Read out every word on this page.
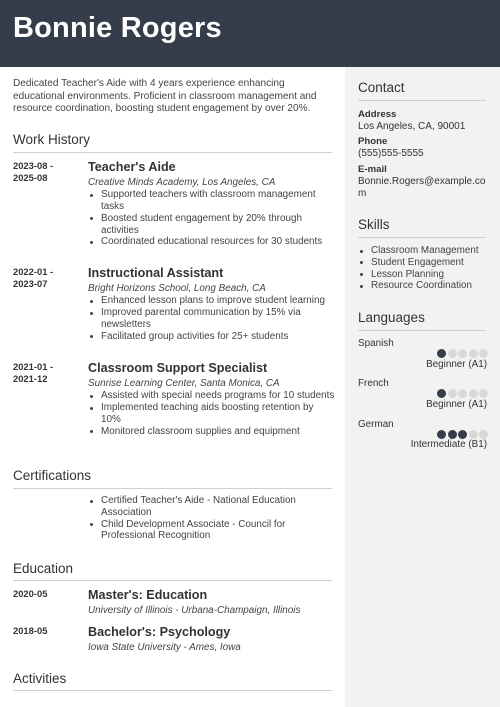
Bonnie Rogers
Dedicated Teacher's Aide with 4 years experience enhancing educational environments. Proficient in classroom management and resource coordination, boosting student engagement by over 20%.
Work History
2023-08 -
2025-08
Teacher's Aide
Creative Minds Academy, Los Angeles, CA
Supported teachers with classroom management tasks
Boosted student engagement by 20% through activities
Coordinated educational resources for 30 students
2022-01 -
2023-07
Instructional Assistant
Bright Horizons School, Long Beach, CA
Enhanced lesson plans to improve student learning
Improved parental communication by 15% via newsletters
Facilitated group activities for 25+ students
2021-01 -
2021-12
Classroom Support Specialist
Sunrise Learning Center, Santa Monica, CA
Assisted with special needs programs for 10 students
Implemented teaching aids boosting retention by 10%
Monitored classroom supplies and equipment
Certifications
Certified Teacher's Aide - National Education Association
Child Development Associate - Council for Professional Recognition
Education
2020-05	Master's: Education
University of Illinois - Urbana-Champaign, Illinois
2018-05	Bachelor's: Psychology
Iowa State University - Ames, Iowa
Activities
Contact
Address
Los Angeles, CA, 90001
Phone
(555)555-5555
E-mail
Bonnie.Rogers@example.com
Skills
Classroom Management
Student Engagement
Lesson Planning
Resource Coordination
Languages
Spanish
Beginner (A1)
French
Beginner (A1)
German
Intermediate (B1)
